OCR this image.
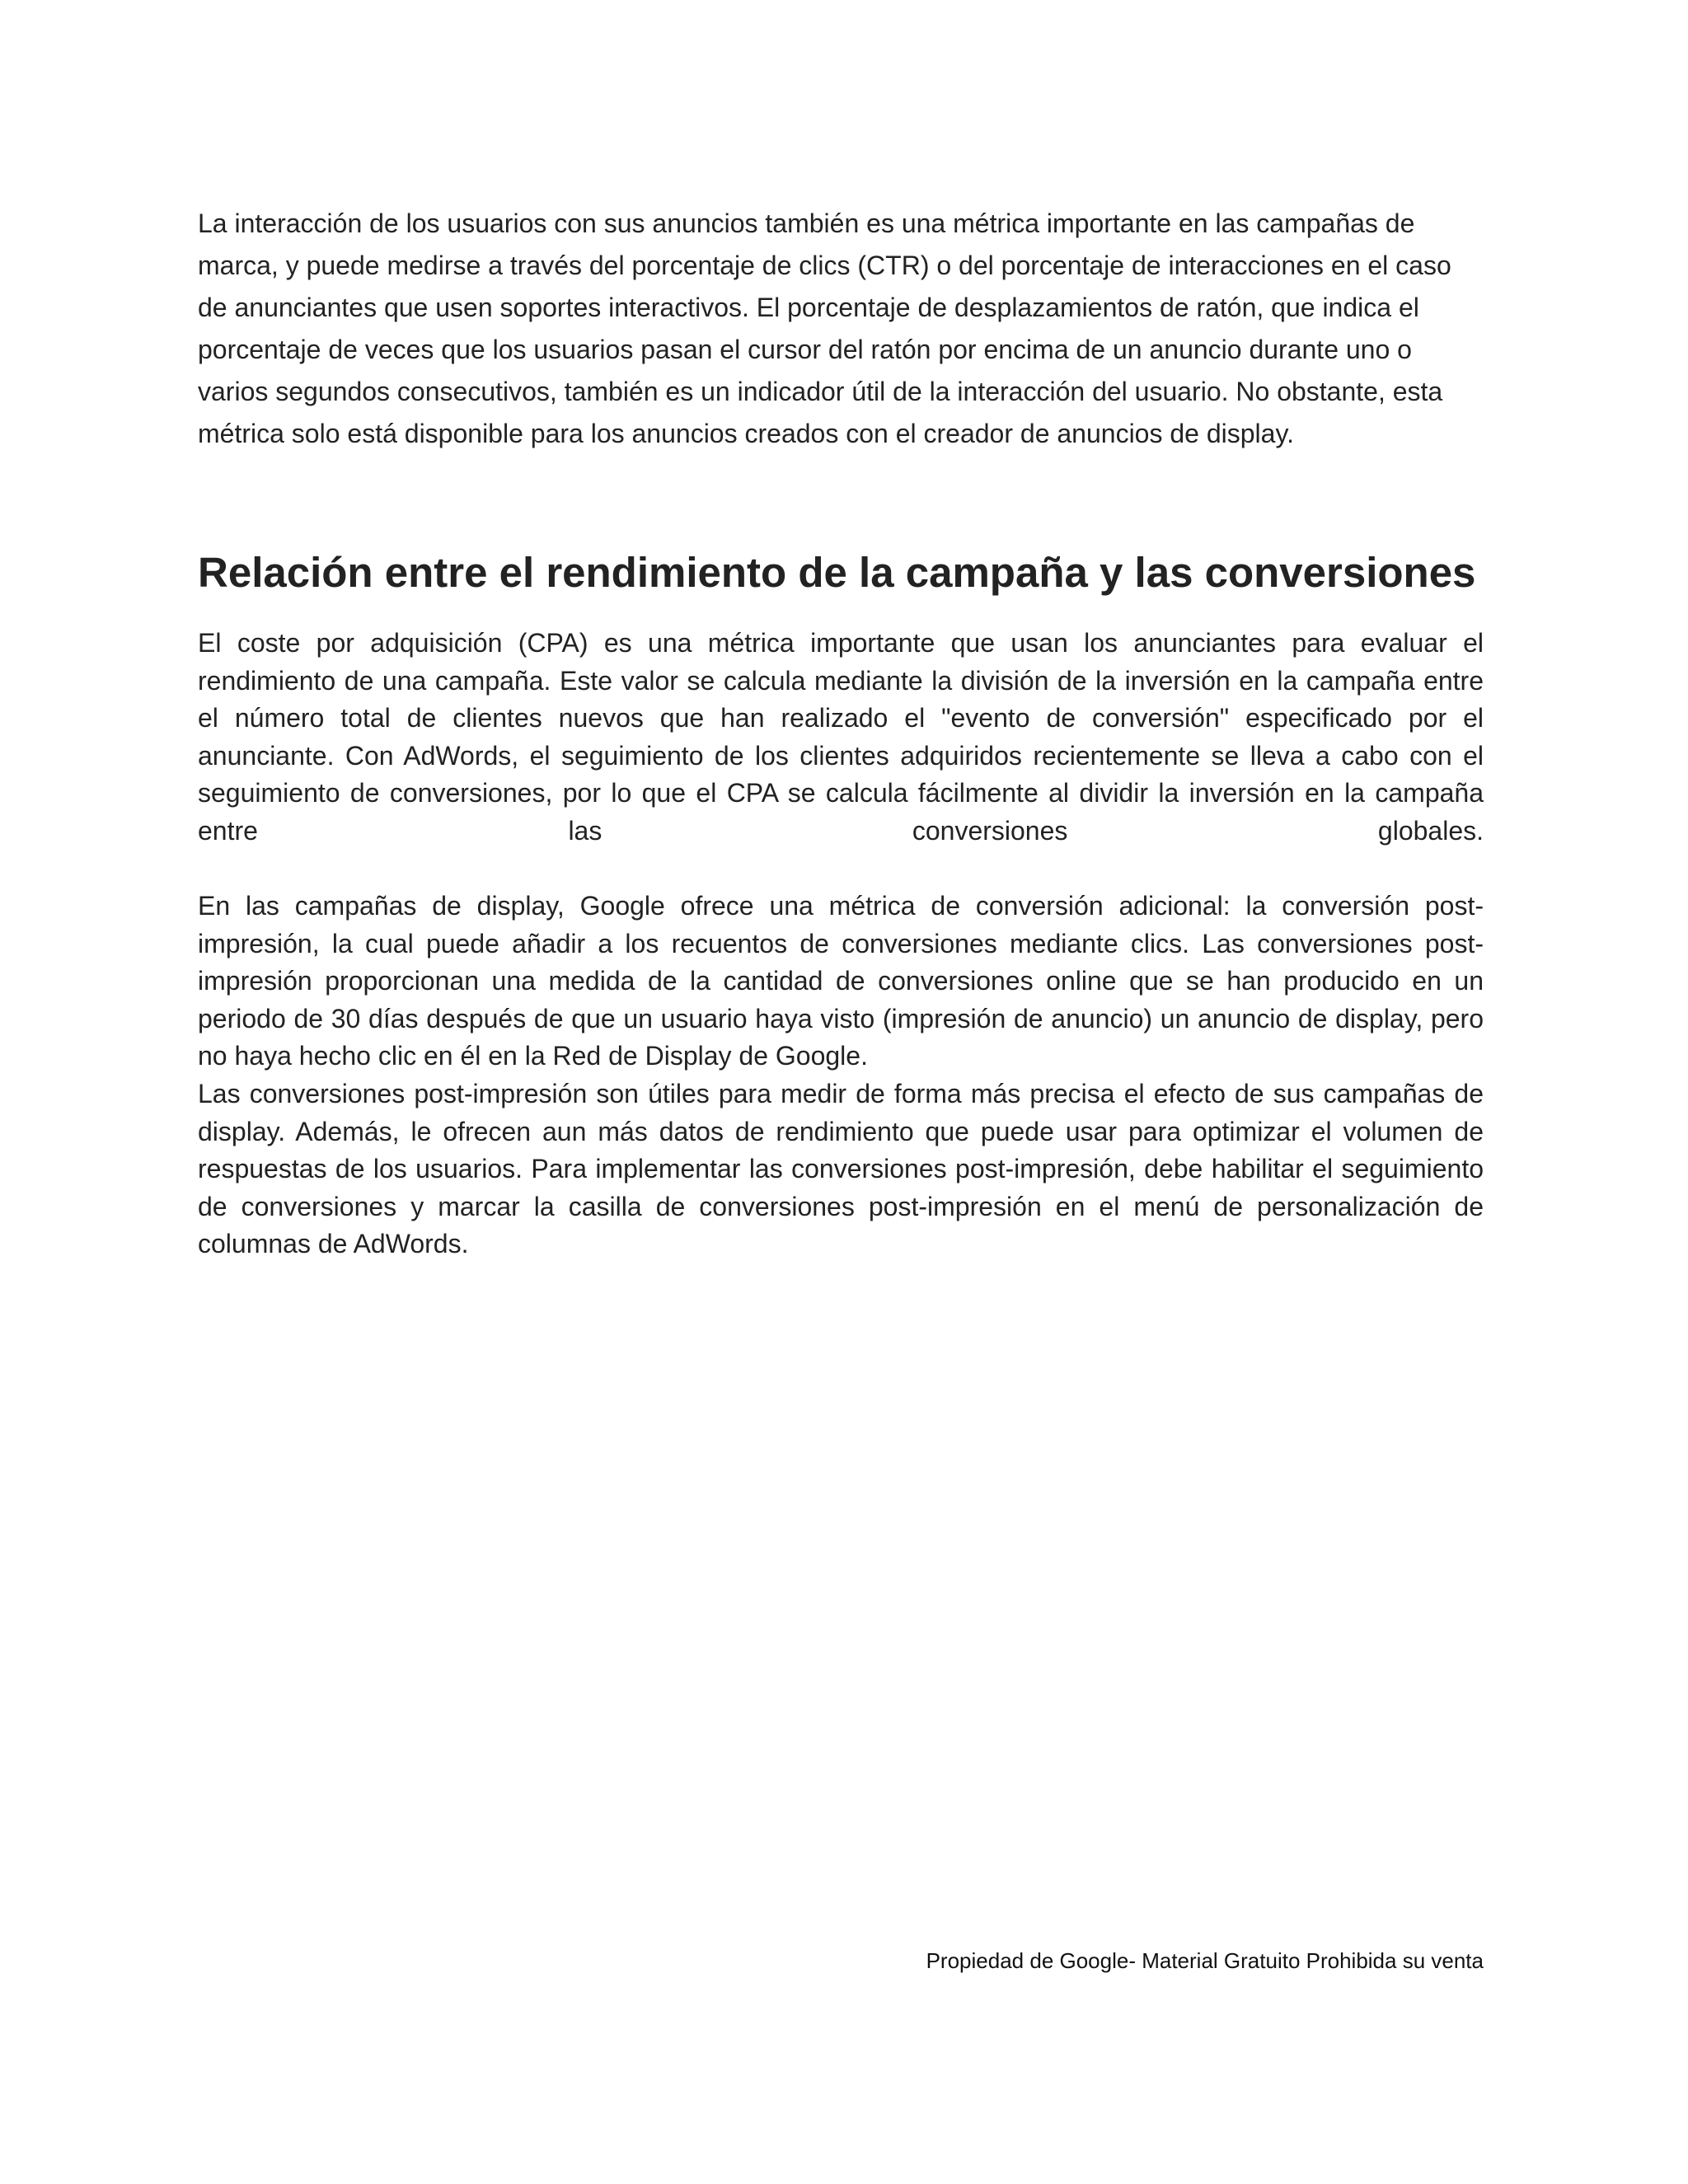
La interacción de los usuarios con sus anuncios también es una métrica importante en las campañas de marca, y puede medirse a través del porcentaje de clics (CTR) o del porcentaje de interacciones en el caso de anunciantes que usen soportes interactivos. El porcentaje de desplazamientos de ratón, que indica el porcentaje de veces que los usuarios pasan el cursor del ratón por encima de un anuncio durante uno o varios segundos consecutivos, también es un indicador útil de la interacción del usuario. No obstante, esta métrica solo está disponible para los anuncios creados con el creador de anuncios de display.

Relación entre el rendimiento de la campaña y las conversiones

El coste por adquisición (CPA) es una métrica importante que usan los anunciantes para evaluar el rendimiento de una campaña. Este valor se calcula mediante la división de la inversión en la campaña entre el número total de clientes nuevos que han realizado el "evento de conversión" especificado por el anunciante. Con AdWords, el seguimiento de los clientes adquiridos recientemente se lleva a cabo con el seguimiento de conversiones, por lo que el CPA se calcula fácilmente al dividir la inversión en la campaña entre las conversiones globales.

En las campañas de display, Google ofrece una métrica de conversión adicional: la conversión post-impresión, la cual puede añadir a los recuentos de conversiones mediante clics. Las conversiones post-impresión proporcionan una medida de la cantidad de conversiones online que se han producido en un periodo de 30 días después de que un usuario haya visto (impresión de anuncio) un anuncio de display, pero no haya hecho clic en él en la Red de Display de Google.

Las conversiones post-impresión son útiles para medir de forma más precisa el efecto de sus campañas de display. Además, le ofrecen aun más datos de rendimiento que puede usar para optimizar el volumen de respuestas de los usuarios. Para implementar las conversiones post-impresión, debe habilitar el seguimiento de conversiones y marcar la casilla de conversiones post-impresión en el menú de personalización de columnas de AdWords.

Propiedad de Google- Material Gratuito Prohibida su venta
